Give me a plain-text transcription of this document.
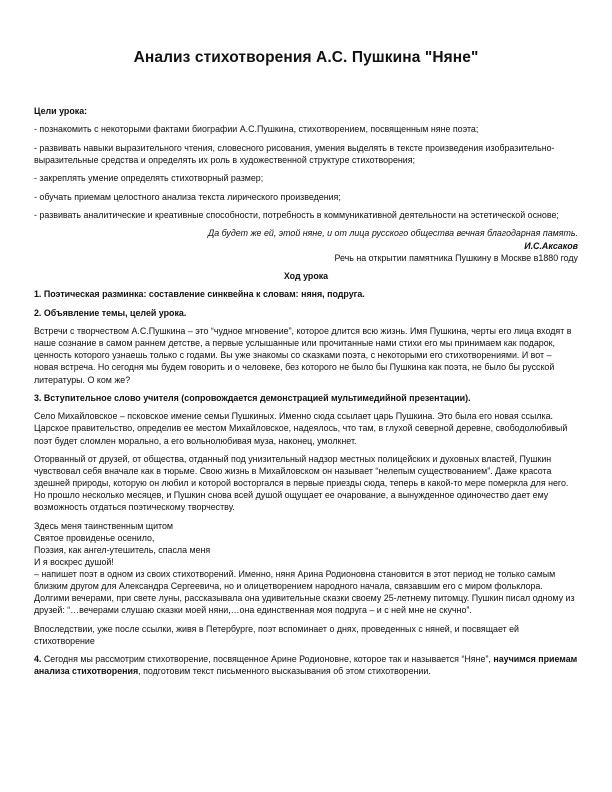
Анализ стихотворения А.С. Пушкина "Няне"

Цели урока:

- познакомить с некоторыми фактами биографии А.С.Пушкина, стихотворением, посвященным няне поэта;

- развивать навыки выразительного чтения, словесного рисования, умения выделять в тексте произведения изобразительно-выразительные средства и определять их роль в художественной структуре стихотворения;

- закреплять умение определять стихотворный размер;

- обучать приемам целостного анализа текста лирического произведения;

- развивать аналитические и креативные способности, потребность в коммуникативной деятельности на эстетической основе;

Да будет же ей, этой няне, и от лица русского общества вечная благодарная память.

И.С.Аксаков

Речь на открытии памятника Пушкину в Москве в1880 году

Ход урока

1. Поэтическая разминка: составление синквейна к словам: няня, подруга.

2. Объявление темы, целей урока.

Встречи с творчеством А.С.Пушкина – это “чудное мгновение”, которое длится всю жизнь. Имя Пушкина, черты его лица входят в наше сознание в самом раннем детстве, а первые услышанные или прочитанные нами стихи его мы принимаем как подарок, ценность которого узнаешь только с годами. Вы уже знакомы со сказками поэта, с некоторыми его стихотворениями. И вот – новая встреча. Но сегодня мы будем говорить и о человеке, без которого не было бы Пушкина как поэта, не было бы русской литературы. О ком же?

3. Вступительное слово учителя (сопровождается демонстрацией мультимедийной презентации).

Село Михайловское – псковское имение семьи Пушкиных. Именно сюда ссылает царь Пушкина. Это была его новая ссылка. Царское правительство, определив ее местом Михайловское, надеялось, что там, в глухой северной деревне, свободолюбивый поэт будет сломлен морально, а его вольнолюбивая муза, наконец, умолкнет.

Оторванный от друзей, от общества, отданный под унизительный надзор местных полицейских и духовных властей, Пушкин чувствовал себя вначале как в тюрьме. Свою жизнь в Михайловском он называет “нелепым существованием”. Даже красота здешней природы, которую он любил и которой восторгался в первые приезды сюда, теперь в какой-то мере померкла для него. Но прошло несколько месяцев, и Пушкин снова всей душой ощущает ее очарование, а вынужденное одиночество дает ему возможность отдаться поэтическому творчеству.

Здесь меня таинственным щитом

Святое провиденье осенило,

Поэзия, как ангел-утешитель, спасла меня

И я воскрес душой!

– напишет поэт в одном из своих стихотворений. Именно, няня Арина Родионовна становится в этот период не только самым близким другом для Александра Сергеевича, но и олицетворением народного начала, связавшим его с миром фольклора. Долгими вечерами, при свете луны, рассказывала она удивительные сказки своему 25-летнему питомцу. Пушкин писал одному из друзей: “…вечерами слушаю сказки моей няни,…она единственная моя подруга – и с ней мне не скучно”.

Впоследствии, уже после ссылки, живя в Петербурге, поэт вспоминает о днях, проведенных с няней, и посвящает ей стихотворение

4. Сегодня мы рассмотрим стихотворение, посвященное Арине Родионовне, которое так и называется “Няне”, научимся приемам анализа стихотворения, подготовим текст письменного высказывания об этом стихотворении.
